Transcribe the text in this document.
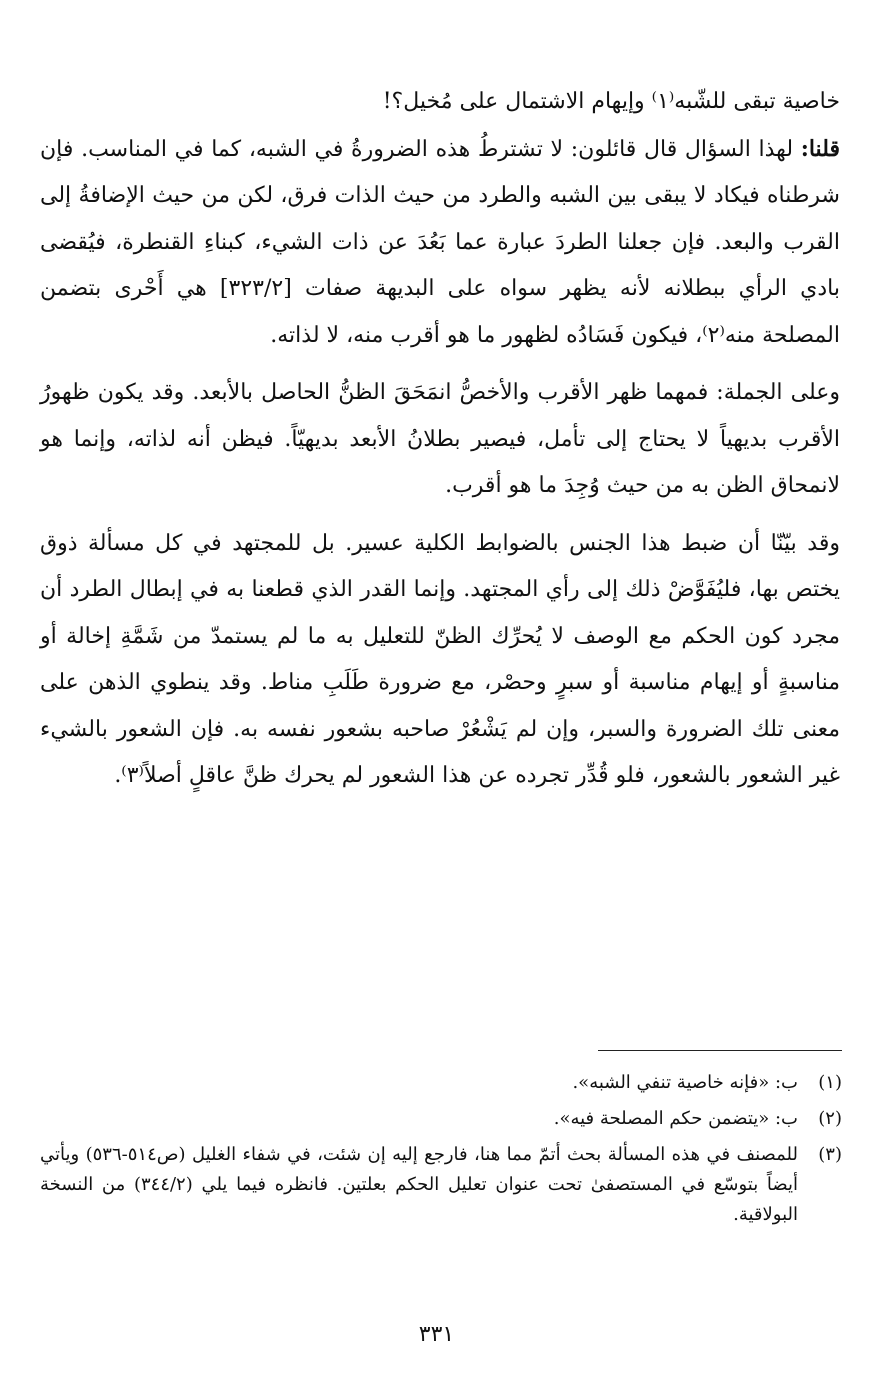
خاصية تبقى للشّبه⁽١⁾ وإيهام الاشتمال على مُخيل؟!

قلنا: لهذا السؤال قال قائلون: لا تشترطُ هذه الضرورةُ في الشبه، كما في المناسب. فإن شرطناه فيكاد لا يبقى بين الشبه والطرد من حيث الذات فرق، لكن من حيث الإضافةُ إلى القرب والبعد. فإن جعلنا الطردَ عبارة عما بَعُدَ عن ذات الشيء، كبناءِ القنطرة، فيُقضى بادي الرأي ببطلانه لأنه يظهر سواه على البديهة صفات [٣٢٣/٢] هي أَحْرى بتضمن المصلحة منه⁽٢⁾، فيكون فَسَادُه لظهور ما هو أقرب منه، لا لذاته.

وعلى الجملة: فمهما ظهر الأقرب والأخصُّ انمَحَقَ الظنُّ الحاصل بالأبعد. وقد يكون ظهورُ الأقرب بديهياً لا يحتاج إلى تأمل، فيصير بطلانُ الأبعد بديهيّاً. فيظن أنه لذاته، وإنما هو لانمحاق الظن به من حيث وُجِدَ ما هو أقرب.

وقد بيّنّا أن ضبط هذا الجنس بالضوابط الكلية عسير. بل للمجتهد في كل مسألة ذوق يختص بها، فليُفَوَّضْ ذلك إلى رأي المجتهد. وإنما القدر الذي قطعنا به في إبطال الطرد أن مجرد كون الحكم مع الوصف لا يُحرِّك الظنّ للتعليل به ما لم يستمدّ من شَمَّةِ إخالة أو مناسبةٍ أو إيهام مناسبة أو سبرٍ وحصْر، مع ضرورة طَلَبِ مناط. وقد ينطوي الذهن على معنى تلك الضرورة والسبر، وإن لم يَشْعُرْ صاحبه بشعور نفسه به. فإن الشعور بالشيء غير الشعور بالشعور، فلو قُدِّر تجرده عن هذا الشعور لم يحرك ظنَّ عاقلٍ أصلاً⁽٣⁾.

(١)
ب: «فإنه خاصية تنفي الشبه».
(٢)
ب: «يتضمن حكم المصلحة فيه».
(٣)
للمصنف في هذه المسألة بحث أتمّ مما هنا، فارجع إليه إن شئت، في شفاء الغليل (ص٥١٤-٥٣٦) ويأتي أيضاً بتوسّع في المستصفىٰ تحت عنوان تعليل الحكم بعلتين. فانظره فيما يلي (٣٤٤/٢) من النسخة البولاقية.
٣٣١
